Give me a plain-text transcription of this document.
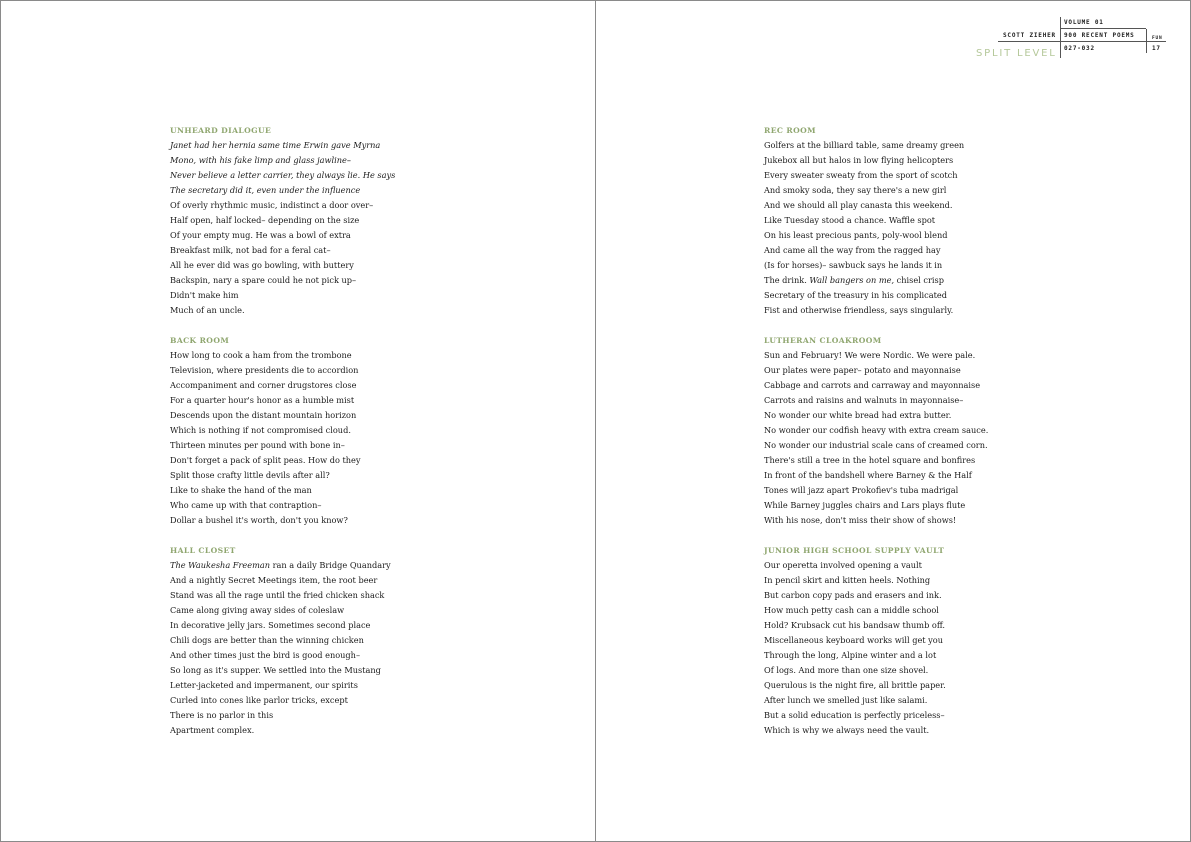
UNHEARD DIALOGUE
Janet had her hernia same time Erwin gave Myrna
Mono, with his fake limp and glass jawline–
Never believe a letter carrier, they always lie. He says
The secretary did it, even under the influence
Of overly rhythmic music, indistinct a door over–
Half open, half locked– depending on the size
Of your empty mug. He was a bowl of extra
Breakfast milk, not bad for a feral cat–
All he ever did was go bowling, with buttery
Backspin, nary a spare could he not pick up–
Didn't make him
Much of an uncle.
BACK ROOM
How long to cook a ham from the trombone
Television, where presidents die to accordion
Accompaniment and corner drugstores close
For a quarter hour's honor as a humble mist
Descends upon the distant mountain horizon
Which is nothing if not compromised cloud.
Thirteen minutes per pound with bone in–
Don't forget a pack of split peas. How do they
Split those crafty little devils after all?
Like to shake the hand of the man
Who came up with that contraption–
Dollar a bushel it's worth, don't you know?
HALL CLOSET
The Waukesha Freeman ran a daily Bridge Quandary
And a nightly Secret Meetings item, the root beer
Stand was all the rage until the fried chicken shack
Came along giving away sides of coleslaw
In decorative jelly jars. Sometimes second place
Chili dogs are better than the winning chicken
And other times just the bird is good enough–
So long as it's supper. We settled into the Mustang
Letter-jacketed and impermanent, our spirits
Curled into cones like parlor tricks, except
There is no parlor in this
Apartment complex.
SCOTT ZIEHER
VOLUME 01
900 RECENT POEMS
027-032
FUN
17
SPLIT LEVEL
REC ROOM
Golfers at the billiard table, same dreamy green
Jukebox all but halos in low flying helicopters
Every sweater sweaty from the sport of scotch
And smoky soda, they say there's a new girl
And we should all play canasta this weekend.
Like Tuesday stood a chance. Waffle spot
On his least precious pants, poly-wool blend
And came all the way from the ragged hay
(Is for horses)– sawbuck says he lands it in
The drink. Wall bangers on me, chisel crisp
Secretary of the treasury in his complicated
Fist and otherwise friendless, says singularly.
LUTHERAN CLOAKROOM
Sun and February! We were Nordic. We were pale.
Our plates were paper– potato and mayonnaise
Cabbage and carrots and carraway and mayonnaise
Carrots and raisins and walnuts in mayonnaise–
No wonder our white bread had extra butter.
No wonder our codfish heavy with extra cream sauce.
No wonder our industrial scale cans of creamed corn.
There's still a tree in the hotel square and bonfires
In front of the bandshell where Barney & the Half
Tones will jazz apart Prokofiev's tuba madrigal
While Barney juggles chairs and Lars plays flute
With his nose, don't miss their show of shows!
JUNIOR HIGH SCHOOL SUPPLY VAULT
Our operetta involved opening a vault
In pencil skirt and kitten heels. Nothing
But carbon copy pads and erasers and ink.
How much petty cash can a middle school
Hold? Krubsack cut his bandsaw thumb off.
Miscellaneous keyboard works will get you
Through the long, Alpine winter and a lot
Of logs. And more than one size shovel.
Querulous is the night fire, all brittle paper.
After lunch we smelled just like salami.
But a solid education is perfectly priceless–
Which is why we always need the vault.
